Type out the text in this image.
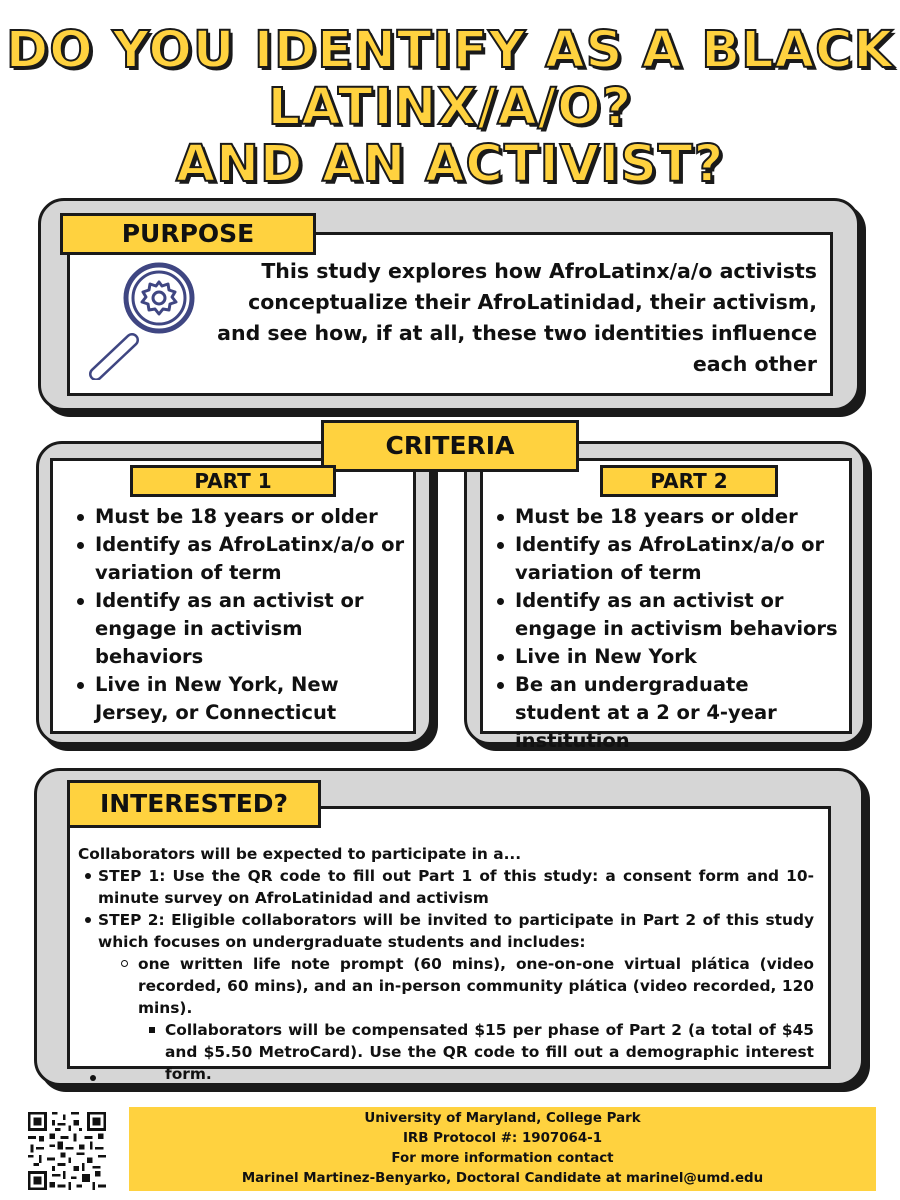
DO YOU IDENTIFY AS A BLACK
LATINX/A/O?
AND AN ACTIVIST?
PURPOSE
This study explores how AfroLatinx/a/o activists conceptualize their AfroLatinidad, their activism, and see how, if at all, these two identities influence each other
CRITERIA
PART 1	PART 2
Must be 18 years or older
Identify as AfroLatinx/a/o or variation of term
Identify as an activist or engage in activism behaviors
Live in New York, New Jersey, or Connecticut
Must be 18 years or older
Identify as AfroLatinx/a/o or variation of term
Identify as an activist or engage in activism behaviors
Live in New York
Be an undergraduate student at a 2 or 4-year institution
INTERESTED?
Collaborators will be expected to participate in a...
STEP 1: Use the QR code to fill out Part 1 of this study: a consent form and 10-minute survey on AfroLatinidad and activism
STEP 2: Eligible collaborators will be invited to participate in Part 2 of this study which focuses on undergraduate students and includes:
one written life note prompt (60 mins), one-on-one virtual plática (video recorded, 60 mins), and an in-person community plática (video recorded, 120 mins).
Collaborators will be compensated $15 per phase of Part 2 (a total of $45 and $5.50 MetroCard). Use the QR code to fill out a demographic interest form.
University of Maryland, College Park
IRB Protocol #: 1907064-1
For more information contact
Marinel Martinez-Benyarko, Doctoral Candidate at marinel@umd.edu
